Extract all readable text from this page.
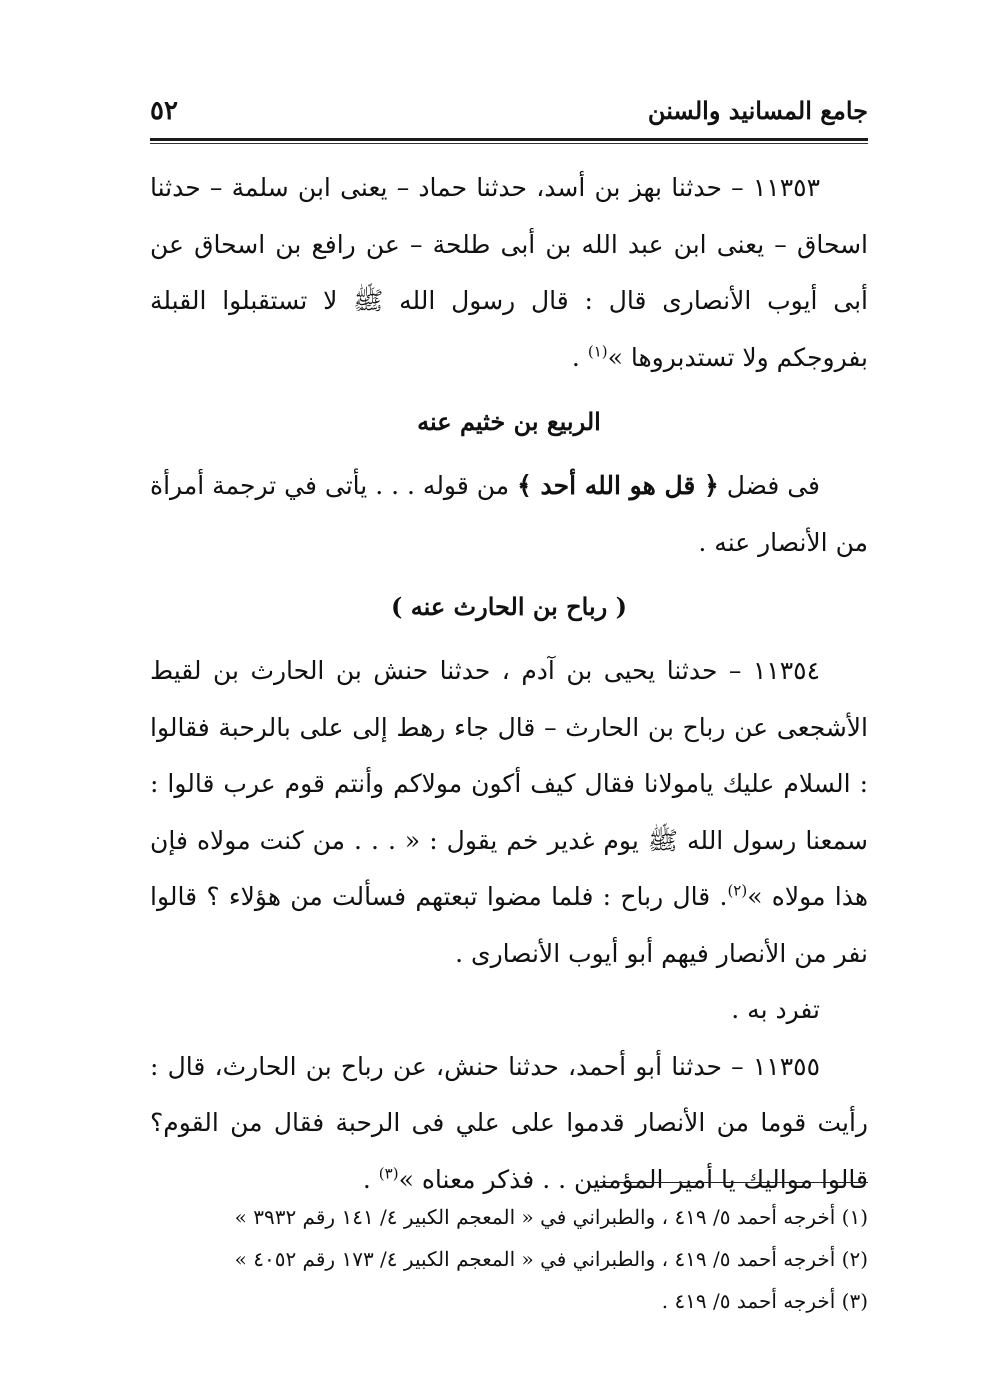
جامع المسانيد والسنن
٥٢

١١٣٥٣ – حدثنا بهز بن أسد، حدثنا حماد – يعنى ابن سلمة – حدثنا اسحاق – يعنى ابن عبد الله بن أبى طلحة – عن رافع بن اسحاق عن أبى أيوب الأنصارى قال : قال رسول الله ﷺ لا تستقبلوا القبلة بفروجكم ولا تستدبروها »$^{(١)}$ .

الربيع بن خثيم عنه

فى فضل ﴿ قل هو الله أحد ﴾ من قوله . . . يأتى في ترجمة أمرأة من الأنصار عنه .

( رباح بن الحارث عنه )

١١٣٥٤ – حدثنا يحيى بن آدم ، حدثنا حنش بن الحارث بن لقيط الأشجعى عن رباح بن الحارث – قال جاء رهط إلى على بالرحبة فقالوا : السلام عليك يامولانا فقال كيف أكون مولاكم وأنتم قوم عرب قالوا : سمعنا رسول الله ﷺ يوم غدير خم يقول : « . . . من كنت مولاه فإن هذا مولاه »$^{(٢)}$. قال رباح : فلما مضوا تبعتهم فسألت من هؤلاء ؟ قالوا نفر من الأنصار فيهم أبو أيوب الأنصارى .

تفرد به .

١١٣٥٥ – حدثنا أبو أحمد، حدثنا حنش، عن رباح بن الحارث، قال : رأيت قوما من الأنصار قدموا على علي فى الرحبة فقال من القوم؟ قالوا مواليك يا أمير المؤمنين . . فذكر معناه »$^{(٣)}$ .

(١) أخرجه أحمد ٥/ ٤١٩ ، والطبراني في « المعجم الكبير ٤/ ١٤١ رقم ٣٩٣٢ »

(٢) أخرجه أحمد ٥/ ٤١٩ ، والطبراني في « المعجم الكبير ٤/ ١٧٣ رقم ٤٠٥٢ »

(٣) أخرجه أحمد ٥/ ٤١٩ .
